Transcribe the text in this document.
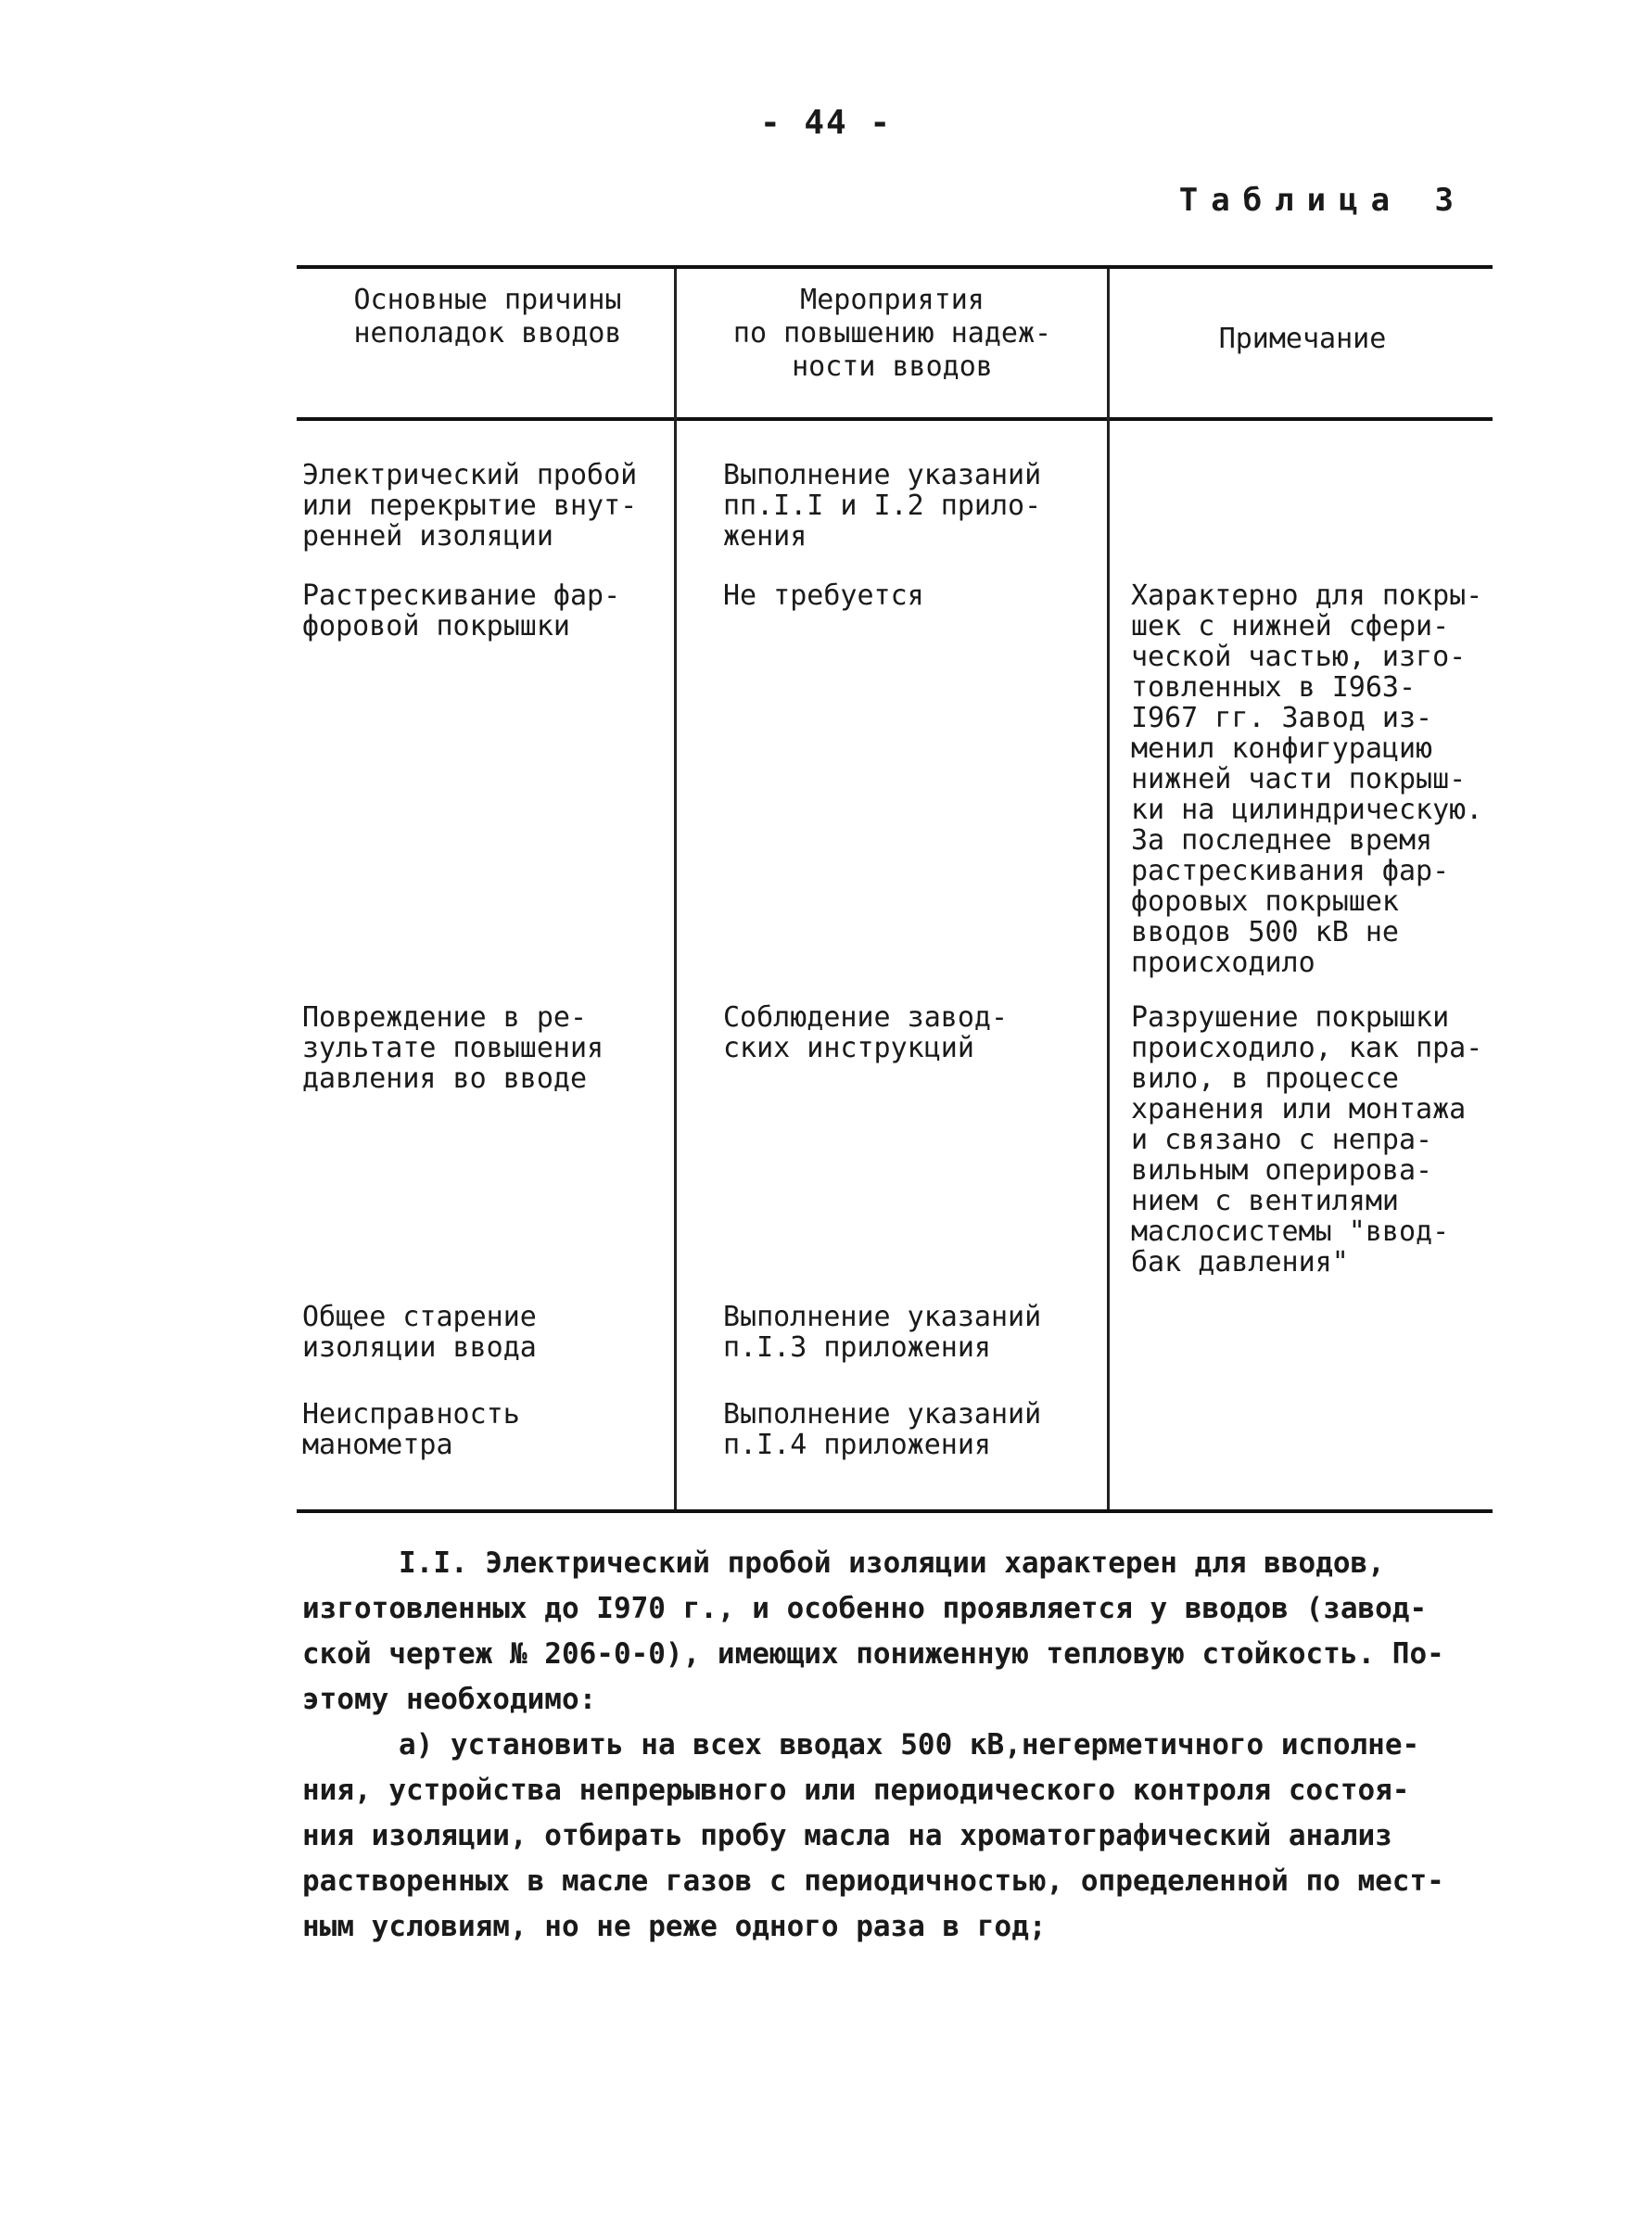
- 44 -
Таблица 3
Основные причины
неполадок вводов
Мероприятия
по повышению надеж-
ности вводов
Примечание
Электрический пробой
или перекрытие внут-
ренней изоляции
Выполнение указаний
пп.I.I и I.2 прило-
жения
Растрескивание фар-
форовой покрышки
Не требуется	Характерно для покры-
шек с нижней сфери-
ческой частью, изго-
товленных в I963-
I967 гг. Завод из-
менил конфигурацию
нижней части покрыш-
ки на цилиндрическую.
За последнее время
растрескивания фар-
форовых покрышек
вводов 500 кВ не
происходило
Повреждение в ре-
зультате повышения
давления во вводе
Соблюдение завод-
ских инструкций
Разрушение покрышки
происходило, как пра-
вило, в процессе
хранения или монтажа
и связано с непра-
вильным оперирова-
нием с вентилями
маслосистемы "ввод-
бак давления"
Общее старение
изоляции ввода
Выполнение указаний
п.I.3 приложения
Неисправность
манометра
Выполнение указаний
п.I.4 приложения

I.I. Электрический пробой изоляции характерен для вводов,
изготовленных до I970 г., и особенно проявляется у вводов (завод-
ской чертеж № 206-0-0), имеющих пониженную тепловую стойкость. По-
этому необходимо:

а) установить на всех вводах 500 кВ,негерметичного исполне-
ния, устройства непрерывного или периодического контроля состоя-
ния изоляции, отбирать пробу масла на хроматографический анализ
растворенных в масле газов с периодичностью, определенной по мест-
ным условиям, но не реже одного раза в год;
